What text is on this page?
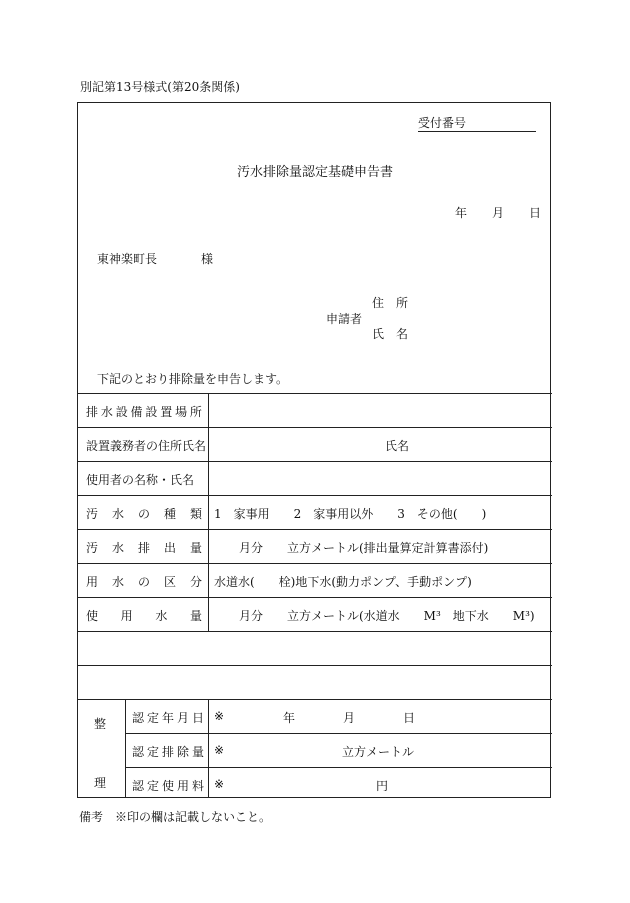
別記第13号様式(第20条関係)
受付番号
汚水排除量認定基礎申告書
年 月 日
東神楽町長	様
住　所
申請者
氏　名
下記のとおり排除量を申告します。
排 水 設 備 設 置 場 所
設置義務者の住所氏名	氏名
使用者の名称・氏名
汚 水 の 種 類 1　家事用　　2　家事用以外　　3　その他(　　)
汚 水 排 出 量	月分　　立方メートル(排出量算定計算書添付)
用 水 の 区 分 水道水(　　栓)地下水(動力ポンプ、手動ポンプ)
使 用 水 量	月分　　立方メートル(水道水　　M³　地下水　　M³)
整
理
認 定 年 月 日 ※	年　　　　月　　　　日
認 定 排 除 量 ※	立方メートル
認 定 使 用 料 ※	円
備考　※印の欄は記載しないこと。
